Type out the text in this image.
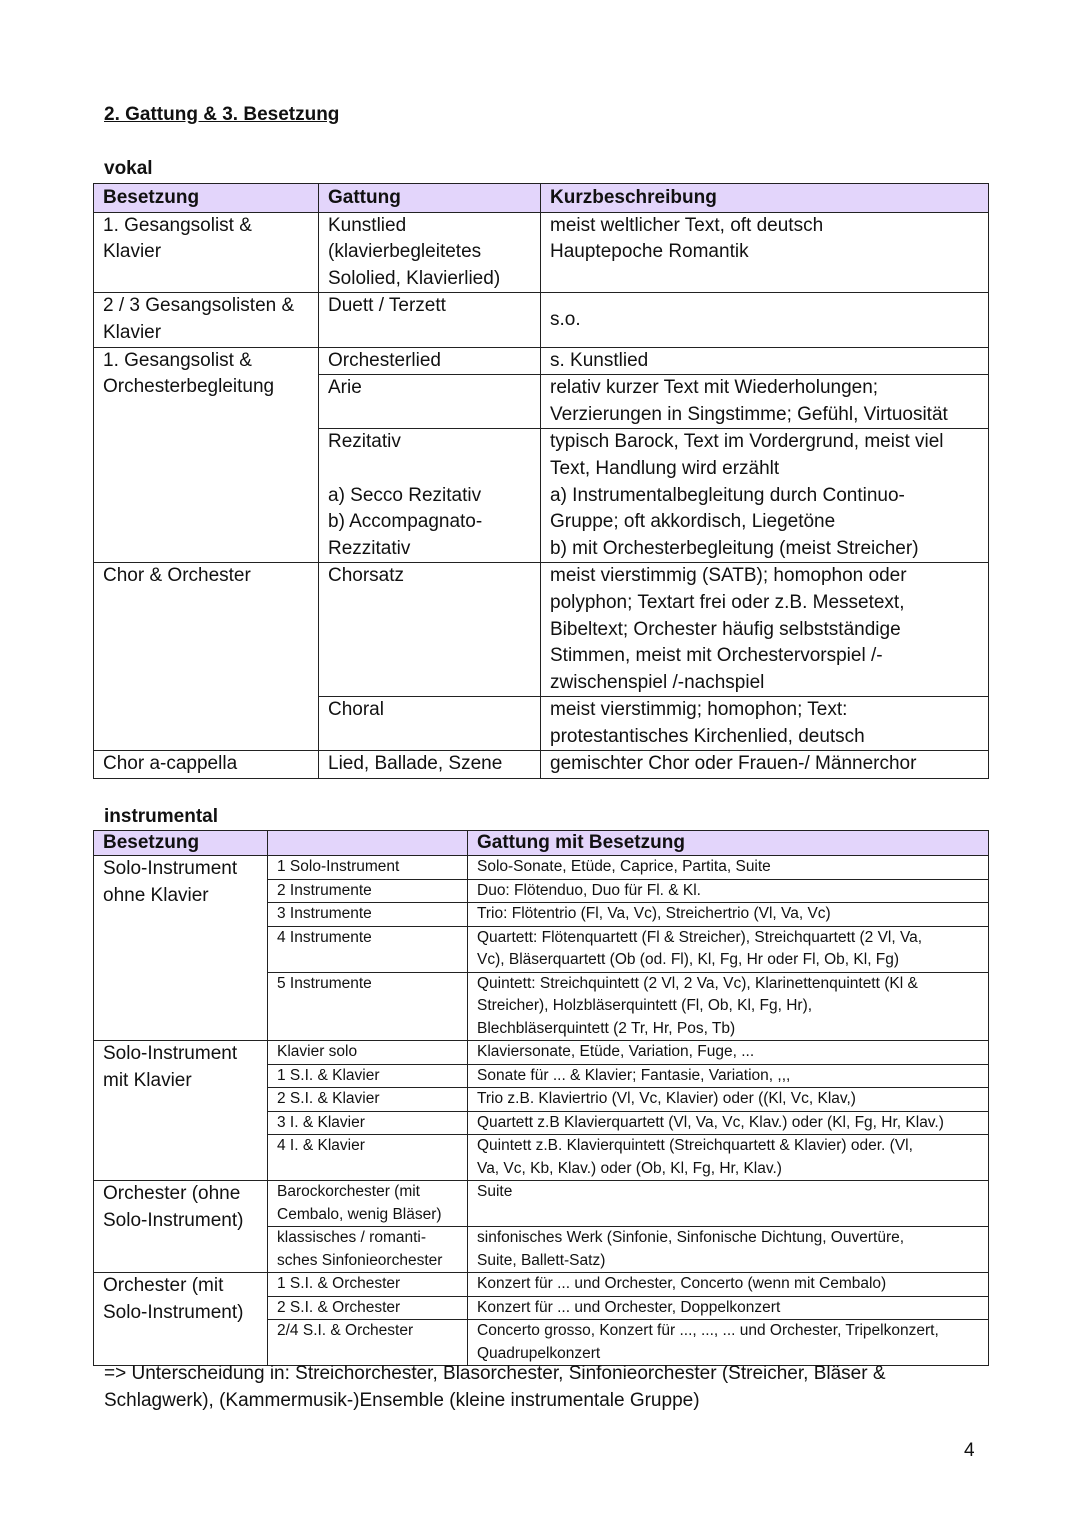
2. Gattung & 3. Besetzung
vokal
Besetzung	Gattung	Kurzbeschreibung

1. Gesangsolist &
Klavier	Kunstlied
(klavierbegleitetes
Sololied, Klavierlied)	meist weltlicher Text, oft deutsch
Hauptepoche Romantik

2 / 3 Gesangsolisten &
Klavier	Duett / Terzett	s.o.

1. Gesangsolist &
Orchesterbegleitung	Orchesterlied	s. Kunstlied
	Arie	relativ kurzer Text mit Wiederholungen;
Verzierungen in Singstimme; Gefühl, Virtuosität

	Rezitativ

a) Secco Rezitativ
b) Accompagnato-
Rezzitativ	typisch Barock, Text im Vordergrund, meist viel
Text, Handlung wird erzählt
a) Instrumentalbegleitung durch Continuo-
Gruppe; oft akkordisch, Liegetöne
b) mit Orchesterbegleitung (meist Streicher)

Chor & Orchester	Chorsatz	meist vierstimmig (SATB); homophon oder
polyphon; Textart frei oder z.B. Messetext,
Bibeltext; Orchester häufig selbstständige
Stimmen, meist mit Orchestervorspiel /-
zwischenspiel /-nachspiel

	Choral	meist vierstimmig; homophon; Text:
protestantisches Kirchenlied, deutsch

Chor a-cappella	Lied, Ballade, Szene	gemischter Chor oder Frauen-/ Männerchor
instrumental
Besetzung		Gattung mit Besetzung

Solo-Instrument
ohne Klavier	1 Solo-Instrument	Solo-Sonate, Etüde, Caprice, Partita, Suite
	2 Instrumente	Duo: Flötenduo, Duo für Fl. & Kl.
	3 Instrumente	Trio: Flötentrio (Fl, Va, Vc), Streichertrio (Vl, Va, Vc)
	4 Instrumente	Quartett: Flötenquartett (Fl & Streicher), Streichquartett (2 Vl, Va,
Vc), Bläserquartett (Ob (od. Fl), Kl, Fg, Hr oder Fl, Ob, Kl, Fg)

	5 Instrumente	Quintett: Streichquintett (2 Vl, 2 Va, Vc), Klarinettenquintett (Kl &
Streicher), Holzbläserquintett (Fl, Ob, Kl, Fg, Hr),
Blechbläserquintett (2 Tr, Hr, Pos, Tb)

Solo-Instrument
mit Klavier	Klavier solo	Klaviersonate, Etüde, Variation, Fuge, ...
	1 S.I. & Klavier	Sonate für ... & Klavier; Fantasie, Variation, ,,,
	2 S.I. & Klavier	Trio z.B. Klaviertrio (Vl, Vc, Klavier) oder ((Kl, Vc, Klav,)
	3 I. & Klavier	Quartett z.B Klavierquartett (Vl, Va, Vc, Klav.) oder (Kl, Fg, Hr, Klav.)
	4 I. & Klavier	Quintett z.B. Klavierquintett (Streichquartett & Klavier) oder. (Vl,
Va, Vc, Kb, Klav.) oder (Ob, Kl, Fg, Hr, Klav.)

Orchester (ohne
Solo-Instrument)	Barockorchester (mit
Cembalo, wenig Bläser)	Suite

	klassisches / romanti-
sches Sinfonieorchester	sinfonisches Werk (Sinfonie, Sinfonische Dichtung, Ouvertüre,
Suite, Ballett-Satz)

Orchester (mit
Solo-Instrument)	1 S.I. & Orchester	Konzert für ... und Orchester, Concerto (wenn mit Cembalo)
	2 S.I. & Orchester	Konzert für ... und Orchester, Doppelkonzert
	2/4 S.I. & Orchester	Concerto grosso, Konzert für ..., ..., ... und Orchester, Tripelkonzert,
Quadrupelkonzert
=> Unterscheidung in: Streichorchester, Blasorchester, Sinfonieorchester (Streicher, Bläser &
Schlagwerk), (Kammermusik-)Ensemble (kleine instrumentale Gruppe)
4
